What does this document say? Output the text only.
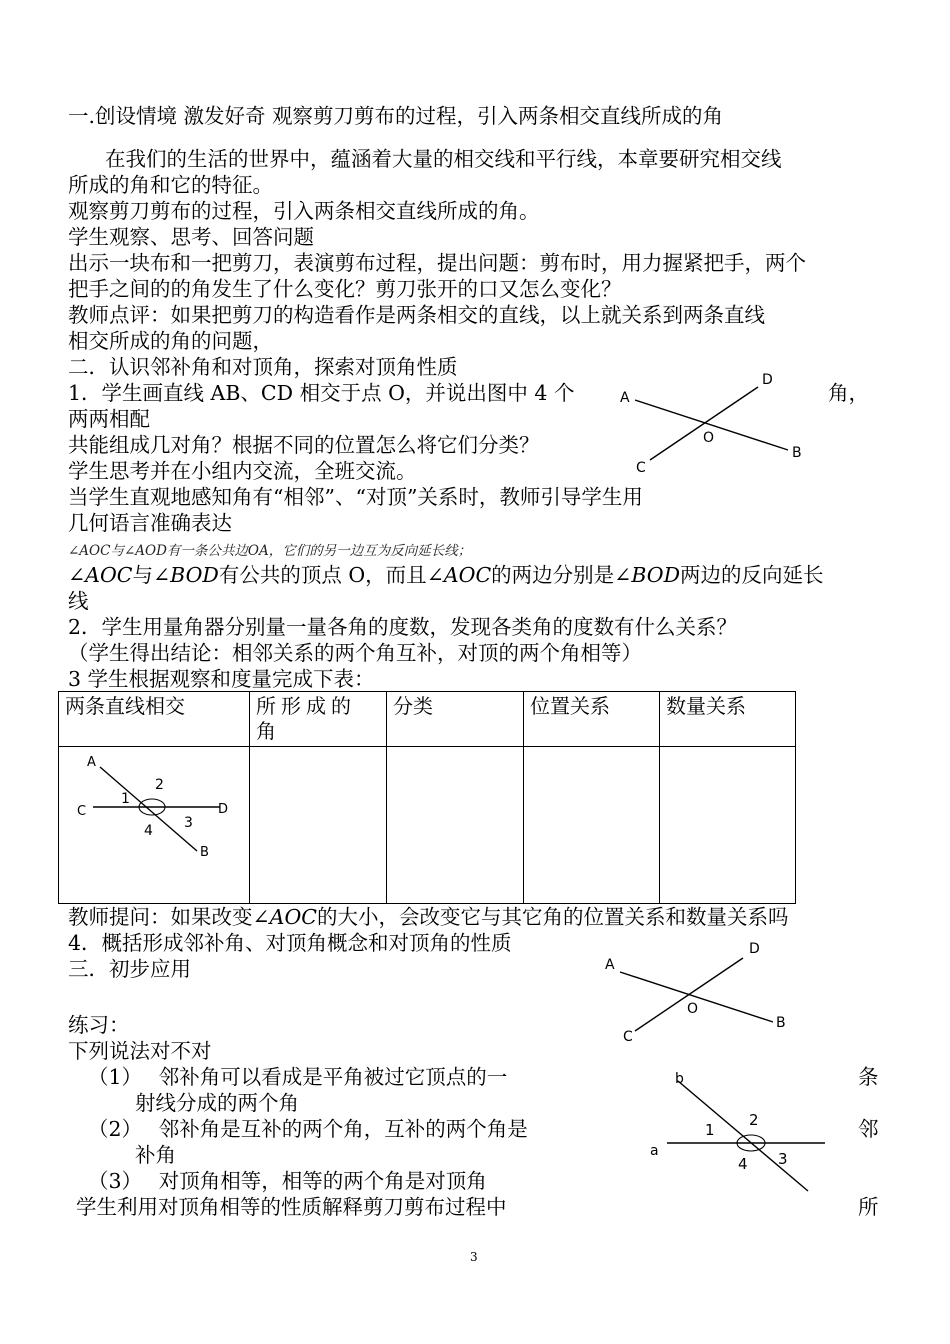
一.创设情境 激发好奇 观察剪刀剪布的过程，引入两条相交直线所成的角
在我们的生活的世界中，蕴涵着大量的相交线和平行线，本章要研究相交线
所成的角和它的特征。
观察剪刀剪布的过程，引入两条相交直线所成的角。
学生观察、思考、回答问题
出示一块布和一把剪刀，表演剪布过程，提出问题：剪布时，用力握紧把手，两个
把手之间的的角发生了什么变化？剪刀张开的口又怎么变化？
教师点评：如果把剪刀的构造看作是两条相交的直线，以上就关系到两条直线
相交所成的角的问题，
二．认识邻补角和对顶角，探索对顶角性质
1．学生画直线 AB、CD 相交于点 O，并说出图中 4 个	角，
两两相配
共能组成几对角？根据不同的位置怎么将它们分类？
学生思考并在小组内交流，全班交流。
当学生直观地感知角有“相邻”、“对顶”关系时，教师引导学生用
几何语言准确表达
∠AOC与∠AOD有一条公共边OA，它们的另一边互为反向延长线；
∠AOC与∠BOD有公共的顶点 O，而且∠AOC的两边分别是∠BOD两边的反向延长
线
2．学生用量角器分别量一量各角的度数，发现各类角的度数有什么关系？
（学生得出结论：相邻关系的两个角互补，对顶的两个角相等）
3 学生根据观察和度量完成下表：
两条直线相交	所形成的角	分类	位置关系	数量关系

A
C	D
B
2
1
3
4
教师提问：如果改变∠AOC的大小，会改变它与其它角的位置关系和数量关系吗
4．概括形成邻补角、对顶角概念和对顶角的性质
三．初步应用
练习：
下列说法对不对
（1）　 邻补角可以看成是平角被过它顶点的一	条
射线分成的两个角
（2）　 邻补角是互补的两个角，互补的两个角是	邻
补角
（3）　 对顶角相等，相等的两个角是对顶角
学生利用对顶角相等的性质解释剪刀剪布过程中	所
A
D
O
B
C
A
D
O
B
C
b
a
2
1
3
4
3
